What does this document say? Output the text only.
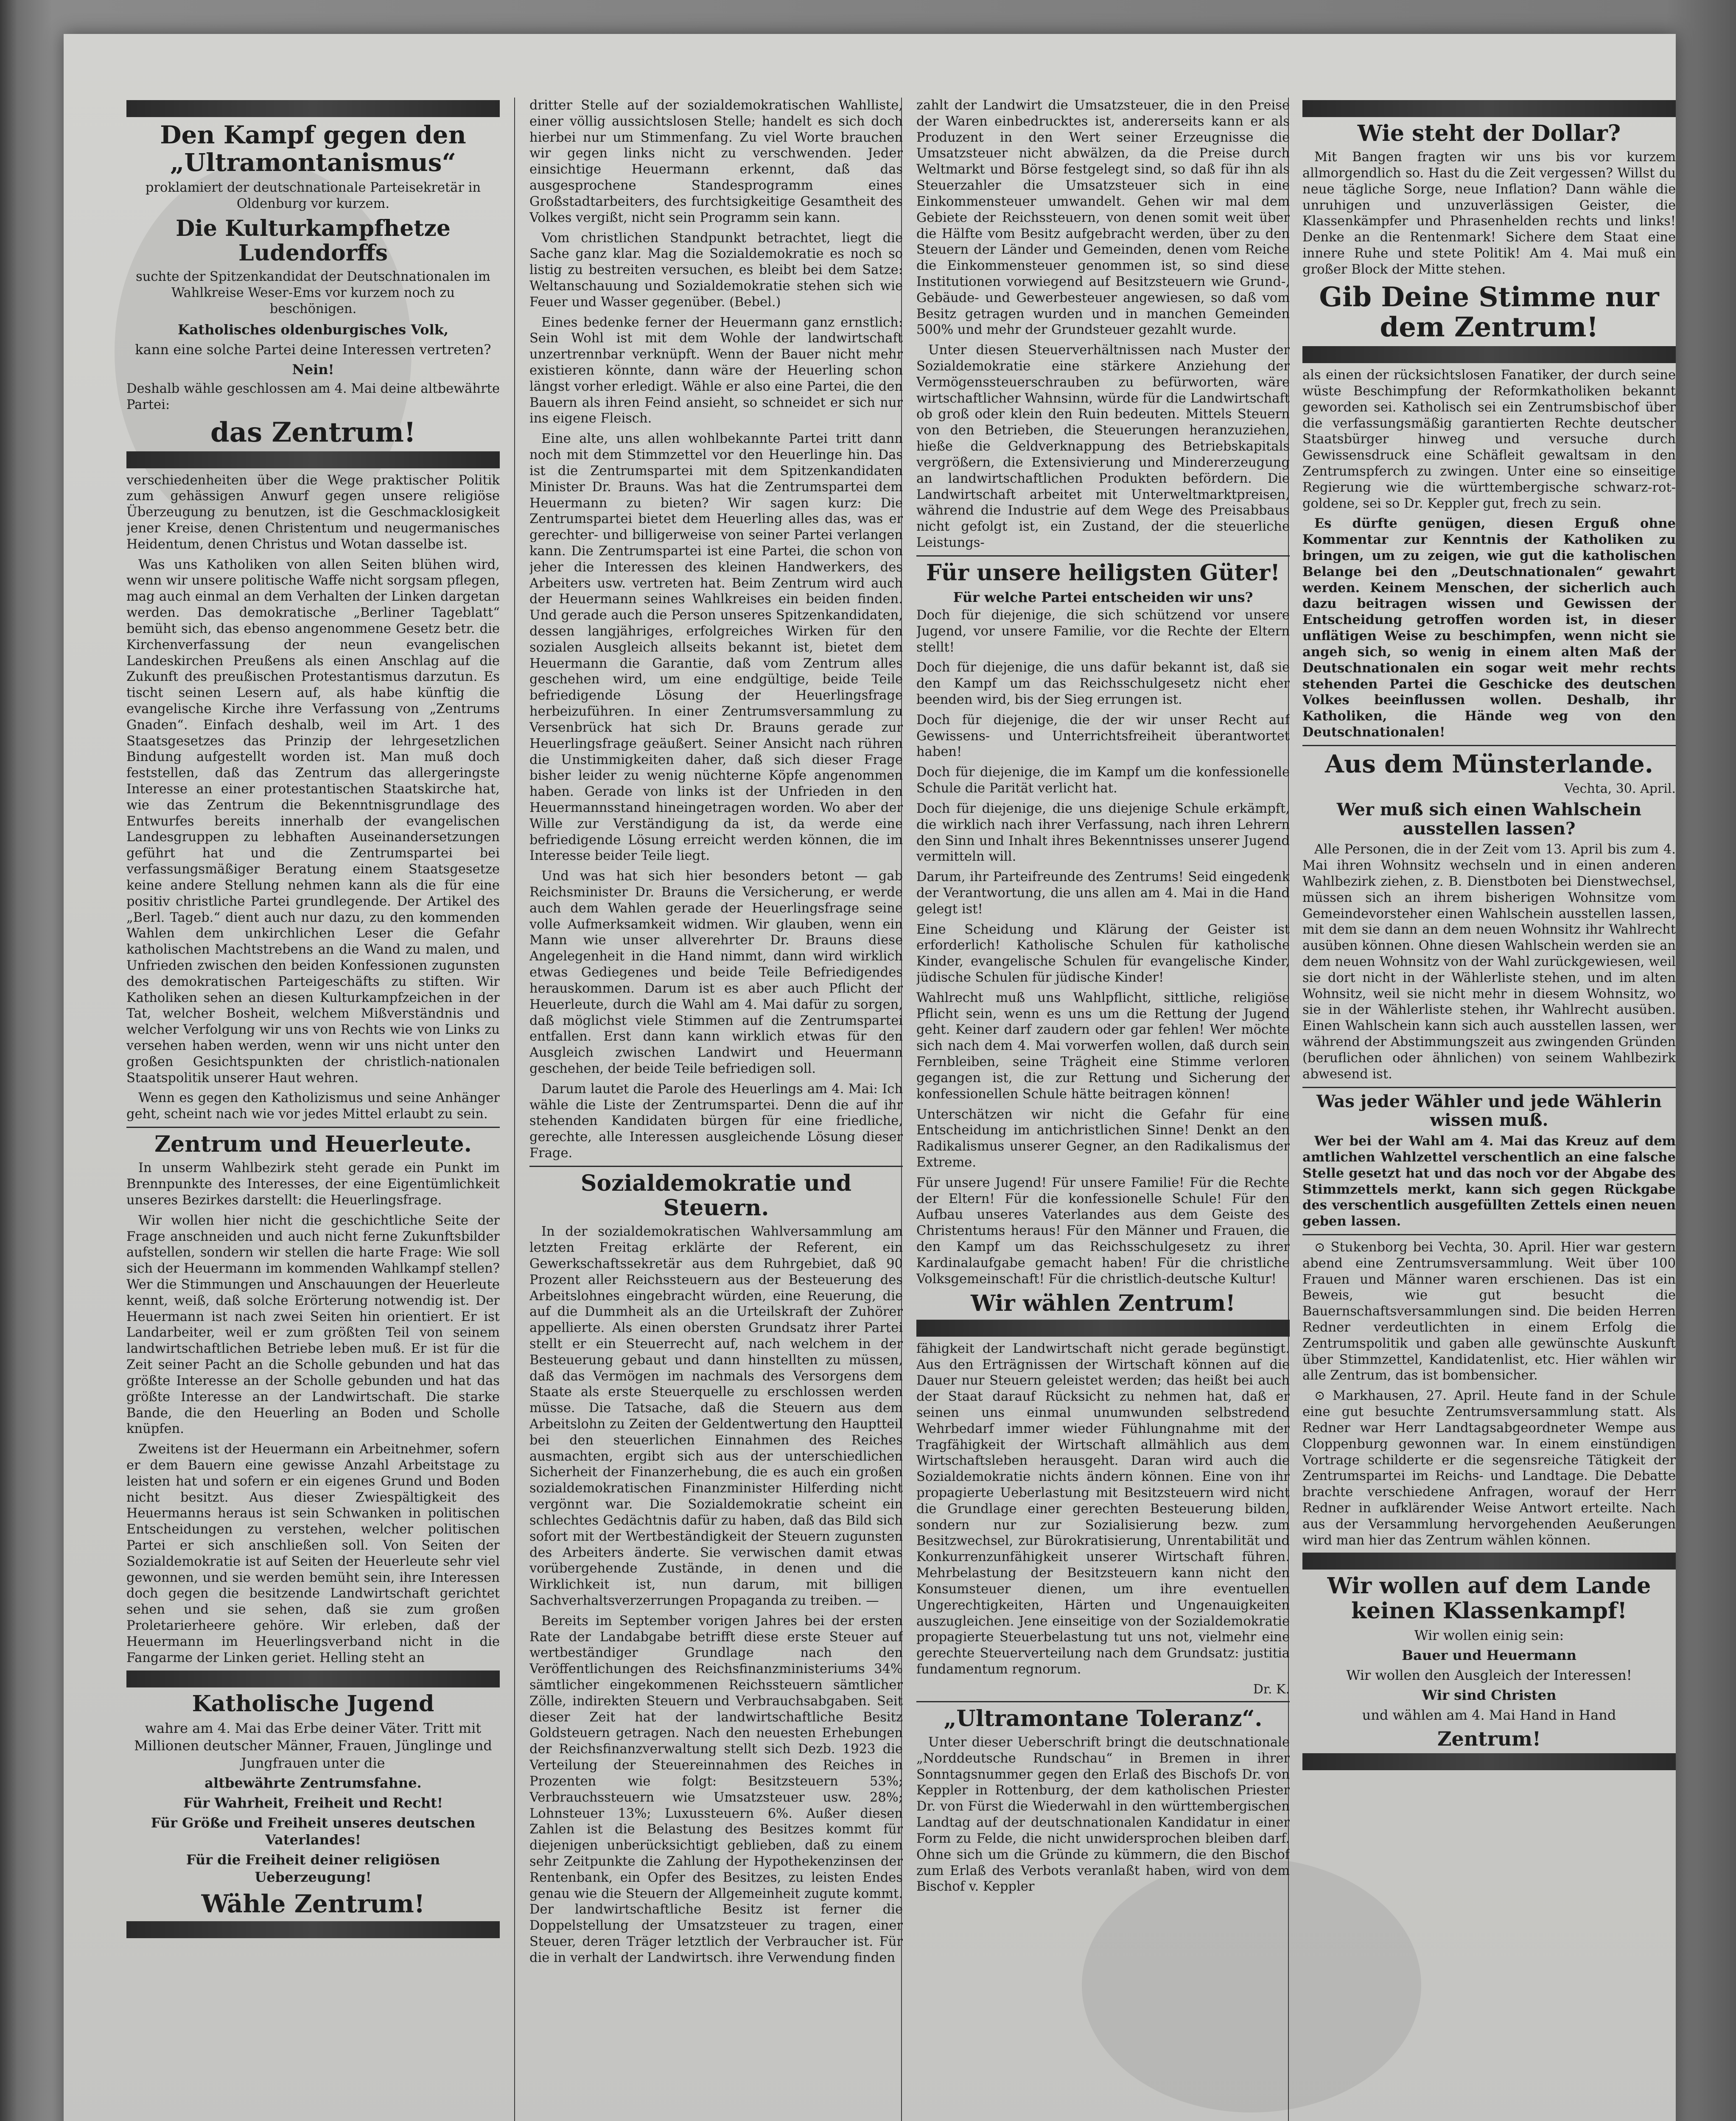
Den Kampf gegen den „Ultramontanismus“

proklamiert der deutschnationale Parteisekretär in Oldenburg vor kurzem.

Die Kulturkampfhetze Ludendorffs

suchte der Spitzenkandidat der Deutschnationalen im Wahlkreise Weser-Ems vor kurzem noch zu beschönigen.

Katholisches oldenburgisches Volk,

kann eine solche Partei deine Interessen vertreten?

Nein!

Deshalb wähle geschlossen am 4. Mai deine altbewährte Partei:

das Zentrum!

verschiedenheiten über die Wege praktischer Politik zum gehässigen Anwurf gegen unsere religiöse Überzeugung zu benutzen, ist die Geschmacklosigkeit jener Kreise, denen Christentum und neugermanisches Heidentum, denen Christus und Wotan dasselbe ist.

Was uns Katholiken von allen Seiten blühen wird, wenn wir unsere politische Waffe nicht sorgsam pflegen, mag auch einmal an dem Verhalten der Linken dargetan werden. Das demokratische „Berliner Tageblatt“ bemüht sich, das ebenso angenommene Gesetz betr. die Kirchenverfassung der neun evangelischen Landeskirchen Preußens als einen Anschlag auf die Zukunft des preußischen Protestantismus darzutun. Es tischt seinen Lesern auf, als habe künftig die evangelische Kirche ihre Verfassung von „Zentrums Gnaden“. Einfach deshalb, weil im Art. 1 des Staatsgesetzes das Prinzip der lehrgesetzlichen Bindung aufgestellt worden ist. Man muß doch feststellen, daß das Zentrum das allergeringste Interesse an einer protestantischen Staatskirche hat, wie das Zentrum die Bekenntnisgrundlage des Entwurfes bereits innerhalb der evangelischen Landesgruppen zu lebhaften Auseinandersetzungen geführt hat und die Zentrumspartei bei verfassungsmäßiger Beratung einem Staatsgesetze keine andere Stellung nehmen kann als die für eine positiv christliche Partei grundlegende. Der Artikel des „Berl. Tageb.“ dient auch nur dazu, zu den kommenden Wahlen dem unkirchlichen Leser die Gefahr katholischen Machtstrebens an die Wand zu malen, und Unfrieden zwischen den beiden Konfessionen zugunsten des demokratischen Parteigeschäfts zu stiften. Wir Katholiken sehen an diesen Kulturkampfzeichen in der Tat, welcher Bosheit, welchem Mißverständnis und welcher Verfolgung wir uns von Rechts wie von Links zu versehen haben werden, wenn wir uns nicht unter den großen Gesichtspunkten der christlich-nationalen Staatspolitik unserer Haut wehren.

Wenn es gegen den Katholizismus und seine Anhänger geht, scheint nach wie vor jedes Mittel erlaubt zu sein.

Zentrum und Heuerleute.

In unserm Wahlbezirk steht gerade ein Punkt im Brennpunkte des Interesses, der eine Eigentümlichkeit unseres Bezirkes darstellt: die Heuerlingsfrage.

Wir wollen hier nicht die geschichtliche Seite der Frage anschneiden und auch nicht ferne Zukunftsbilder aufstellen, sondern wir stellen die harte Frage: Wie soll sich der Heuermann im kommenden Wahlkampf stellen? Wer die Stimmungen und Anschauungen der Heuerleute kennt, weiß, daß solche Erörterung notwendig ist. Der Heuermann ist nach zwei Seiten hin orientiert. Er ist Landarbeiter, weil er zum größten Teil von seinem landwirtschaftlichen Betriebe leben muß. Er ist für die Zeit seiner Pacht an die Scholle gebunden und hat das größte Interesse an der Scholle gebunden und hat das größte Interesse an der Landwirtschaft. Die starke Bande, die den Heuerling an Boden und Scholle knüpfen.

Zweitens ist der Heuermann ein Arbeitnehmer, sofern er dem Bauern eine gewisse Anzahl Arbeitstage zu leisten hat und sofern er ein eigenes Grund und Boden nicht besitzt. Aus dieser Zwiespältigkeit des Heuermanns heraus ist sein Schwanken in politischen Entscheidungen zu verstehen, welcher politischen Partei er sich anschließen soll. Von Seiten der Sozialdemokratie ist auf Seiten der Heuerleute sehr viel gewonnen, und sie werden bemüht sein, ihre Interessen doch gegen die besitzende Landwirtschaft gerichtet sehen und sie sehen, daß sie zum großen Proletarierheere gehöre. Wir erleben, daß der Heuermann im Heuerlingsverband nicht in die Fangarme der Linken geriet. Helling steht an

Katholische Jugend

wahre am 4. Mai das Erbe deiner Väter. Tritt mit Millionen deutscher Männer, Frauen, Jünglinge und Jungfrauen unter die

altbewährte Zentrumsfahne.

Für Wahrheit, Freiheit und Recht!

Für Größe und Freiheit unseres deutschen Vaterlandes!

Für die Freiheit deiner religiösen Ueberzeugung!

Wähle Zentrum!

dritter Stelle auf der sozialdemokratischen Wahlliste, einer völlig aussichtslosen Stelle; handelt es sich doch hierbei nur um Stimmenfang. Zu viel Worte brauchen wir gegen links nicht zu verschwenden. Jeder einsichtige Heuermann erkennt, daß das ausgesprochene Standesprogramm eines Großstadtarbeiters, des furchtsigkeitige Gesamtheit des Volkes vergißt, nicht sein Programm sein kann.

Vom christlichen Standpunkt betrachtet, liegt die Sache ganz klar. Mag die Sozialdemokratie es noch so listig zu bestreiten versuchen, es bleibt bei dem Satze: Weltanschauung und Sozialdemokratie stehen sich wie Feuer und Wasser gegenüber. (Bebel.)

Eines bedenke ferner der Heuermann ganz ernstlich: Sein Wohl ist mit dem Wohle der landwirtschaft unzertrennbar verknüpft. Wenn der Bauer nicht mehr existieren könnte, dann wäre der Heuerling schon längst vorher erledigt. Wähle er also eine Partei, die den Bauern als ihren Feind ansieht, so schneidet er sich nur ins eigene Fleisch.

Eine alte, uns allen wohlbekannte Partei tritt dann noch mit dem Stimmzettel vor den Heuerlinge hin. Das ist die Zentrumspartei mit dem Spitzenkandidaten Minister Dr. Brauns. Was hat die Zentrumspartei dem Heuermann zu bieten? Wir sagen kurz: Die Zentrumspartei bietet dem Heuerling alles das, was er gerechter- und billigerweise von seiner Partei verlangen kann. Die Zentrumspartei ist eine Partei, die schon von jeher die Interessen des kleinen Handwerkers, des Arbeiters usw. vertreten hat. Beim Zentrum wird auch der Heuermann seines Wahlkreises ein beiden finden. Und gerade auch die Person unseres Spitzenkandidaten, dessen langjähriges, erfolgreiches Wirken für den sozialen Ausgleich allseits bekannt ist, bietet dem Heuermann die Garantie, daß vom Zentrum alles geschehen wird, um eine endgültige, beide Teile befriedigende Lösung der Heuerlingsfrage herbeizuführen. In einer Zentrumsversammlung zu Versenbrück hat sich Dr. Brauns gerade zur Heuerlingsfrage geäußert. Seiner Ansicht nach rühren die Unstimmigkeiten daher, daß sich dieser Frage bisher leider zu wenig nüchterne Köpfe angenommen haben. Gerade von links ist der Unfrieden in den Heuermannsstand hineingetragen worden. Wo aber der Wille zur Verständigung da ist, da werde eine befriedigende Lösung erreicht werden können, die im Interesse beider Teile liegt.

Und was hat sich hier besonders betont — gab Reichsminister Dr. Brauns die Versicherung, er werde auch dem Wahlen gerade der Heuerlingsfrage seine volle Aufmerksamkeit widmen. Wir glauben, wenn ein Mann wie unser allverehrter Dr. Brauns diese Angelegenheit in die Hand nimmt, dann wird wirklich etwas Gediegenes und beide Teile Befriedigendes herauskommen. Darum ist es aber auch Pflicht der Heuerleute, durch die Wahl am 4. Mai dafür zu sorgen, daß möglichst viele Stimmen auf die Zentrumspartei entfallen. Erst dann kann wirklich etwas für den Ausgleich zwischen Landwirt und Heuermann geschehen, der beide Teile befriedigen soll.

Darum lautet die Parole des Heuerlings am 4. Mai: Ich wähle die Liste der Zentrumspartei. Denn die auf ihr stehenden Kandidaten bürgen für eine friedliche, gerechte, alle Interessen ausgleichende Lösung dieser Frage.

Sozialdemokratie und Steuern.

In der sozialdemokratischen Wahlversammlung am letzten Freitag erklärte der Referent, ein Gewerkschaftssekretär aus dem Ruhrgebiet, daß 90 Prozent aller Reichssteuern aus der Besteuerung des Arbeitslohnes eingebracht würden, eine Reuerung, die auf die Dummheit als an die Urteilskraft der Zuhörer appellierte. Als einen obersten Grundsatz ihrer Partei stellt er ein Steuerrecht auf, nach welchem in der Besteuerung gebaut und dann hinstellten zu müssen, daß das Vermögen im nachmals des Versorgens dem Staate als erste Steuerquelle zu erschlossen werden müsse. Die Tatsache, daß die Steuern aus dem Arbeitslohn zu Zeiten der Geldentwertung den Hauptteil bei den steuerlichen Einnahmen des Reiches ausmachten, ergibt sich aus der unterschiedlichen Sicherheit der Finanzerhebung, die es auch ein großen sozialdemokratischen Finanzminister Hilferding nicht vergönnt war. Die Sozialdemokratie scheint ein schlechtes Gedächtnis dafür zu haben, daß das Bild sich sofort mit der Wertbeständigkeit der Steuern zugunsten des Arbeiters änderte. Sie verwischen damit etwas vorübergehende Zustände, in denen und die Wirklichkeit ist, nun darum, mit billigen Sachverhaltsverzerrungen Propaganda zu treiben. —

Bereits im September vorigen Jahres bei der ersten Rate der Landabgabe betrifft diese erste Steuer auf wertbeständiger Grundlage nach den Veröffentlichungen des Reichsfinanzministeriums 34% sämtlicher eingekommenen Reichssteuern sämtlicher Zölle, indirekten Steuern und Verbrauchsabgaben. Seit dieser Zeit hat der landwirtschaftliche Besitz Goldsteuern getragen. Nach den neuesten Erhebungen der Reichsfinanzverwaltung stellt sich Dezb. 1923 die Verteilung der Steuereinnahmen des Reiches in Prozenten wie folgt: Besitzsteuern 53%; Verbrauchssteuern wie Umsatzsteuer usw. 28%; Lohnsteuer 13%; Luxussteuern 6%. Außer diesen Zahlen ist die Belastung des Besitzes kommt für diejenigen unberücksichtigt geblieben, daß zu einem sehr Zeitpunkte die Zahlung der Hypothekenzinsen der Rentenbank, ein Opfer des Besitzes, zu leisten Endes genau wie die Steuern der Allgemeinheit zugute kommt. Der landwirtschaftliche Besitz ist ferner die Doppelstellung der Umsatzsteuer zu tragen, einer Steuer, deren Träger letztlich der Verbraucher ist. Für die in verhalt der Landwirtsch. ihre Verwendung finden

zahlt der Landwirt die Umsatzsteuer, die in den Preise der Waren einbedrucktes ist, andererseits kann er als Produzent in den Wert seiner Erzeugnisse die Umsatzsteuer nicht abwälzen, da die Preise durch Weltmarkt und Börse festgelegt sind, so daß für ihn als Steuerzahler die Umsatzsteuer sich in eine Einkommensteuer umwandelt. Gehen wir mal dem Gebiete der Reichssteuern, von denen somit weit über die Hälfte vom Besitz aufgebracht werden, über zu den Steuern der Länder und Gemeinden, denen vom Reiche die Einkommensteuer genommen ist, so sind diese Institutionen vorwiegend auf Besitzsteuern wie Grund-, Gebäude- und Gewerbesteuer angewiesen, so daß vom Besitz getragen wurden und in manchen Gemeinden 500% und mehr der Grundsteuer gezahlt wurde.

Unter diesen Steuerverhältnissen nach Muster der Sozialdemokratie eine stärkere Anziehung der Vermögenssteuerschrauben zu befürworten, wäre wirtschaftlicher Wahnsinn, würde für die Landwirtschaft ob groß oder klein den Ruin bedeuten. Mittels Steuern von den Betrieben, die Steuerungen heranzuziehen, hieße die Geldverknappung des Betriebskapitals vergrößern, die Extensivierung und Mindererzeugung an landwirtschaftlichen Produkten befördern. Die Landwirtschaft arbeitet mit Unterweltmarktpreisen, während die Industrie auf dem Wege des Preisabbaus nicht gefolgt ist, ein Zustand, der die steuerliche Leistungs-

Für unsere heiligsten Güter!

Für welche Partei entscheiden wir uns?

Doch für diejenige, die sich schützend vor unsere Jugend, vor unsere Familie, vor die Rechte der Eltern stellt!

Doch für diejenige, die uns dafür bekannt ist, daß sie den Kampf um das Reichsschulgesetz nicht eher beenden wird, bis der Sieg errungen ist.

Doch für diejenige, die der wir unser Recht auf Gewissens- und Unterrichtsfreiheit überantwortet haben!

Doch für diejenige, die im Kampf um die konfessionelle Schule die Parität verlicht hat.

Doch für diejenige, die uns diejenige Schule erkämpft, die wirklich nach ihrer Verfassung, nach ihren Lehrern den Sinn und Inhalt ihres Bekenntnisses unserer Jugend vermitteln will.

Darum, ihr Parteifreunde des Zentrums! Seid eingedenk der Verantwortung, die uns allen am 4. Mai in die Hand gelegt ist!

Eine Scheidung und Klärung der Geister ist erforderlich! Katholische Schulen für katholische Kinder, evangelische Schulen für evangelische Kinder, jüdische Schulen für jüdische Kinder!

Wahlrecht muß uns Wahlpflicht, sittliche, religiöse Pflicht sein, wenn es uns um die Rettung der Jugend geht. Keiner darf zaudern oder gar fehlen! Wer möchte sich nach dem 4. Mai vorwerfen wollen, daß durch sein Fernbleiben, seine Trägheit eine Stimme verloren gegangen ist, die zur Rettung und Sicherung der konfessionellen Schule hätte beitragen können!

Unterschätzen wir nicht die Gefahr für eine Entscheidung im antichristlichen Sinne! Denkt an den Radikalismus unserer Gegner, an den Radikalismus der Extreme.

Für unsere Jugend! Für unsere Familie! Für die Rechte der Eltern! Für die konfessionelle Schule! Für den Aufbau unseres Vaterlandes aus dem Geiste des Christentums heraus! Für den Männer und Frauen, die den Kampf um das Reichsschulgesetz zu ihrer Kardinalaufgabe gemacht haben! Für die christliche Volksgemeinschaft! Für die christlich-deutsche Kultur!

Wir wählen Zentrum!

fähigkeit der Landwirtschaft nicht gerade begünstigt. Aus den Erträgnissen der Wirtschaft können auf die Dauer nur Steuern geleistet werden; das heißt bei auch der Staat darauf Rücksicht zu nehmen hat, daß er seinen uns einmal unumwunden selbstredend Wehrbedarf immer wieder Fühlungnahme mit der Tragfähigkeit der Wirtschaft allmählich aus dem Wirtschaftsleben herausgeht. Daran wird auch die Sozialdemokratie nichts ändern können. Eine von ihr propagierte Ueberlastung mit Besitzsteuern wird nicht die Grundlage einer gerechten Besteuerung bilden, sondern nur zur Sozialisierung bezw. zum Besitzwechsel, zur Bürokratisierung, Unrentabilität und Konkurrenzunfähigkeit unserer Wirtschaft führen. Mehrbelastung der Besitzsteuern kann nicht den Konsumsteuer dienen, um ihre eventuellen Ungerechtigkeiten, Härten und Ungenauigkeiten auszugleichen. Jene einseitige von der Sozialdemokratie propagierte Steuerbelastung tut uns not, vielmehr eine gerechte Steuerverteilung nach dem Grundsatz: justitia fundamentum regnorum.

Dr. K.

„Ultramontane Toleranz“.

Unter dieser Ueberschrift bringt die deutschnationale „Norddeutsche Rundschau“ in Bremen in ihrer Sonntagsnummer gegen den Erlaß des Bischofs Dr. von Keppler in Rottenburg, der dem katholischen Priester Dr. von Fürst die Wiederwahl in den württembergischen Landtag auf der deutschnationalen Kandidatur in einer Form zu Felde, die nicht unwidersprochen bleiben darf. Ohne sich um die Gründe zu kümmern, die den Bischof zum Erlaß des Verbots veranlaßt haben, wird von dem Bischof v. Keppler

Wie steht der Dollar?

Mit Bangen fragten wir uns bis vor kurzem allmorgendlich so. Hast du die Zeit vergessen? Willst du neue tägliche Sorge, neue Inflation? Dann wähle die unruhigen und unzuverlässigen Geister, die Klassenkämpfer und Phrasenhelden rechts und links! Denke an die Rentenmark! Sichere dem Staat eine innere Ruhe und stete Politik! Am 4. Mai muß ein großer Block der Mitte stehen.

Gib Deine Stimme nur dem Zentrum!

als einen der rücksichtslosen Fanatiker, der durch seine wüste Beschimpfung der Reformkatholiken bekannt geworden sei. Katholisch sei ein Zentrumsbischof über die verfassungsmäßig garantierten Rechte deutscher Staatsbürger hinweg und versuche durch Gewissensdruck eine Schäfleit gewaltsam in den Zentrumspferch zu zwingen. Unter eine so einseitige Regierung wie die württembergische schwarz-rot-goldene, sei so Dr. Keppler gut, frech zu sein.

Es dürfte genügen, diesen Erguß ohne Kommentar zur Kenntnis der Katholiken zu bringen, um zu zeigen, wie gut die katholischen Belange bei den „Deutschnationalen“ gewahrt werden. Keinem Menschen, der sicherlich auch dazu beitragen wissen und Gewissen der Entscheidung getroffen worden ist, in dieser unflätigen Weise zu beschimpfen, wenn nicht sie angeh sich, so wenig in einem alten Maß der Deutschnationalen ein sogar weit mehr rechts stehenden Partei die Geschicke des deutschen Volkes beeinflussen wollen. Deshalb, ihr Katholiken, die Hände weg von den Deutschnationalen!

Aus dem Münsterlande.

Vechta, 30. April.

Wer muß sich einen Wahlschein ausstellen lassen?

Alle Personen, die in der Zeit vom 13. April bis zum 4. Mai ihren Wohnsitz wechseln und in einen anderen Wahlbezirk ziehen, z. B. Dienstboten bei Dienstwechsel, müssen sich an ihrem bisherigen Wohnsitze vom Gemeindevorsteher einen Wahlschein ausstellen lassen, mit dem sie dann an dem neuen Wohnsitz ihr Wahlrecht ausüben können. Ohne diesen Wahlschein werden sie an dem neuen Wohnsitz von der Wahl zurückgewiesen, weil sie dort nicht in der Wählerliste stehen, und im alten Wohnsitz, weil sie nicht mehr in diesem Wohnsitz, wo sie in der Wählerliste stehen, ihr Wahlrecht ausüben. Einen Wahlschein kann sich auch ausstellen lassen, wer während der Abstimmungszeit aus zwingenden Gründen (beruflichen oder ähnlichen) von seinem Wahlbezirk abwesend ist.

Was jeder Wähler und jede Wählerin wissen muß.

Wer bei der Wahl am 4. Mai das Kreuz auf dem amtlichen Wahlzettel verschentlich an eine falsche Stelle gesetzt hat und das noch vor der Abgabe des Stimmzettels merkt, kann sich gegen Rückgabe des verschentlich ausgefüllten Zettels einen neuen geben lassen.

⊙ Stukenborg bei Vechta, 30. April. Hier war gestern abend eine Zentrumsversammlung. Weit über 100 Frauen und Männer waren erschienen. Das ist ein Beweis, wie gut besucht die Bauernschaftsversammlungen sind. Die beiden Herren Redner verdeutlichten in einem Erfolg die Zentrumspolitik und gaben alle gewünschte Auskunft über Stimmzettel, Kandidatenlist, etc. Hier wählen wir alle Zentrum, das ist bombensicher.

⊙ Markhausen, 27. April. Heute fand in der Schule eine gut besuchte Zentrumsversammlung statt. Als Redner war Herr Landtagsabgeordneter Wempe aus Cloppenburg gewonnen war. In einem einstündigen Vortrage schilderte er die segensreiche Tätigkeit der Zentrumspartei im Reichs- und Landtage. Die Debatte brachte verschiedene Anfragen, worauf der Herr Redner in aufklärender Weise Antwort erteilte. Nach aus der Versammlung hervorgehenden Aeußerungen wird man hier das Zentrum wählen können.

Wir wollen auf dem Lande keinen Klassenkampf!

Wir wollen einig sein:

Bauer und Heuermann

Wir wollen den Ausgleich der Interessen!

Wir sind Christen

und wählen am 4. Mai Hand in Hand

Zentrum!
